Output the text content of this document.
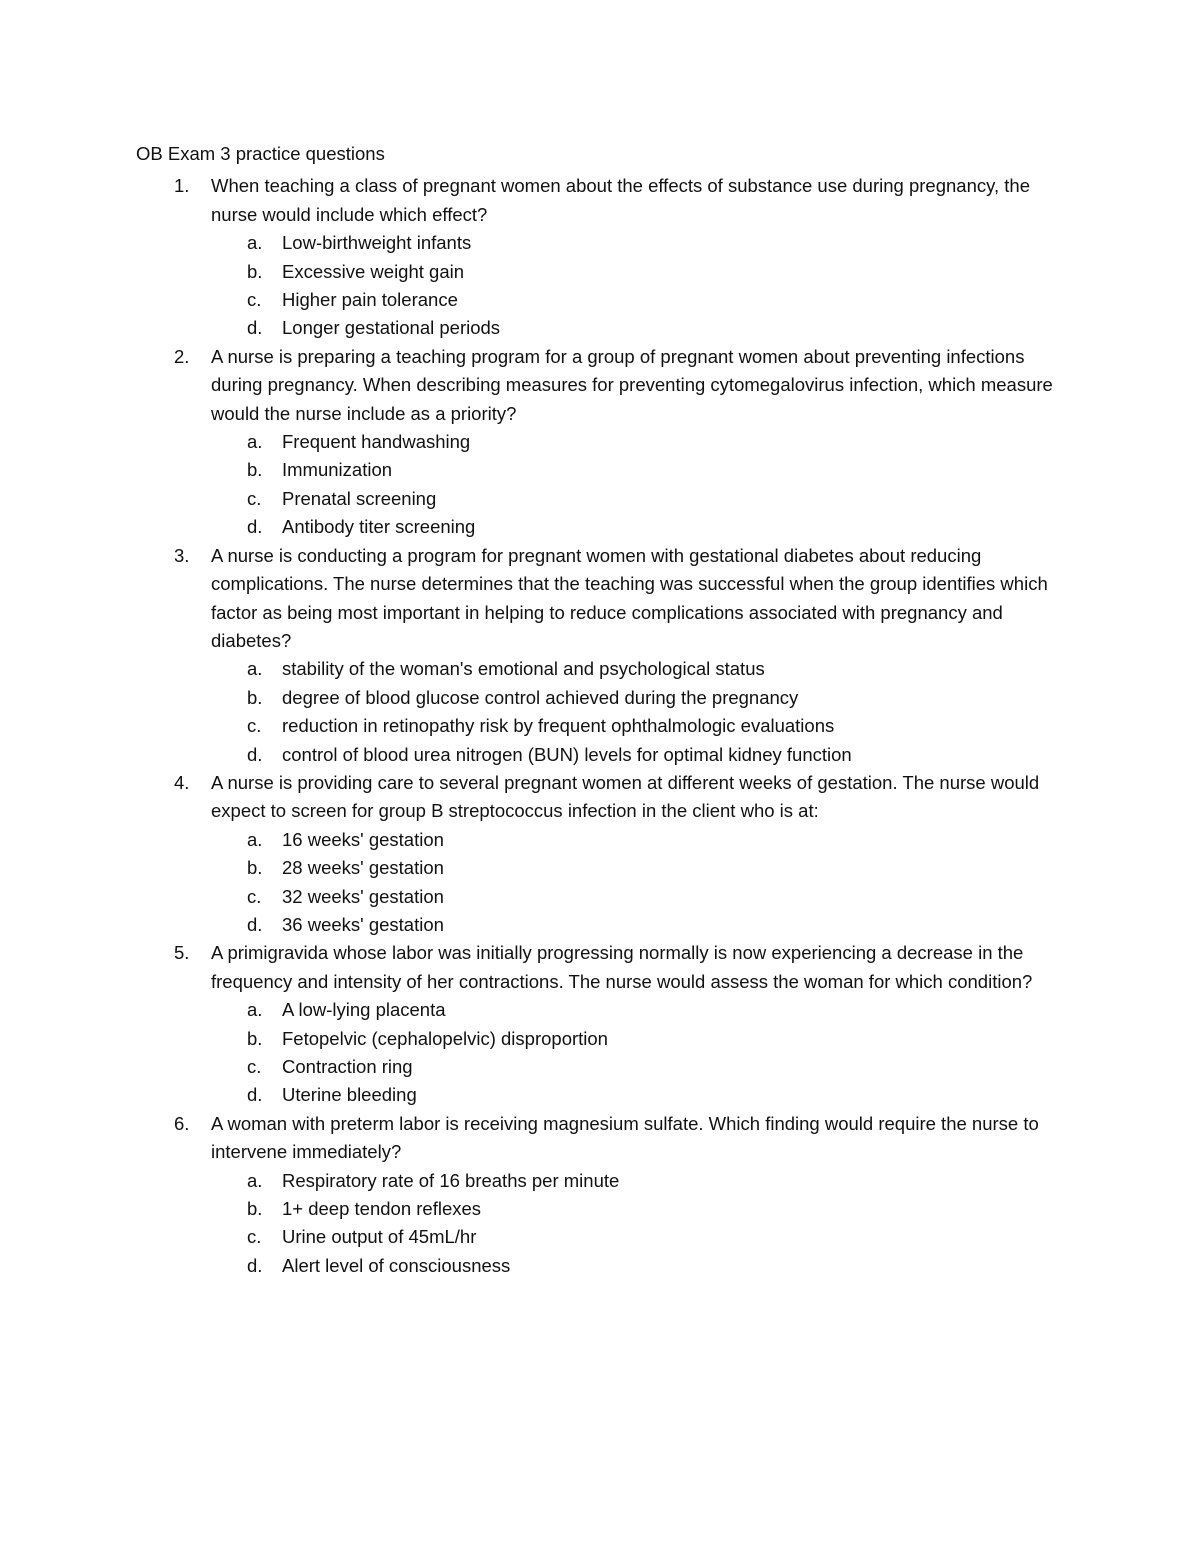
OB Exam 3 practice questions

1. When teaching a class of pregnant women about the effects of substance use during pregnancy, the nurse would include which effect?
a. Low-birthweight infants
b. Excessive weight gain
c. Higher pain tolerance
d. Longer gestational periods
2. A nurse is preparing a teaching program for a group of pregnant women about preventing infections during pregnancy. When describing measures for preventing cytomegalovirus infection, which measure would the nurse include as a priority?
a. Frequent handwashing
b. Immunization
c. Prenatal screening
d. Antibody titer screening
3. A nurse is conducting a program for pregnant women with gestational diabetes about reducing complications. The nurse determines that the teaching was successful when the group identifies which factor as being most important in helping to reduce complications associated with pregnancy and diabetes?
a. stability of the woman's emotional and psychological status
b. degree of blood glucose control achieved during the pregnancy
c. reduction in retinopathy risk by frequent ophthalmologic evaluations
d. control of blood urea nitrogen (BUN) levels for optimal kidney function
4. A nurse is providing care to several pregnant women at different weeks of gestation. The nurse would expect to screen for group B streptococcus infection in the client who is at:
a. 16 weeks' gestation
b. 28 weeks' gestation
c. 32 weeks' gestation
d. 36 weeks' gestation
5. A primigravida whose labor was initially progressing normally is now experiencing a decrease in the frequency and intensity of her contractions. The nurse would assess the woman for which condition?
a. A low-lying placenta
b. Fetopelvic (cephalopelvic) disproportion
c. Contraction ring
d. Uterine bleeding
6. A woman with preterm labor is receiving magnesium sulfate. Which finding would require the nurse to intervene immediately?
a. Respiratory rate of 16 breaths per minute
b. 1+ deep tendon reflexes
c. Urine output of 45mL/hr
d. Alert level of consciousness
